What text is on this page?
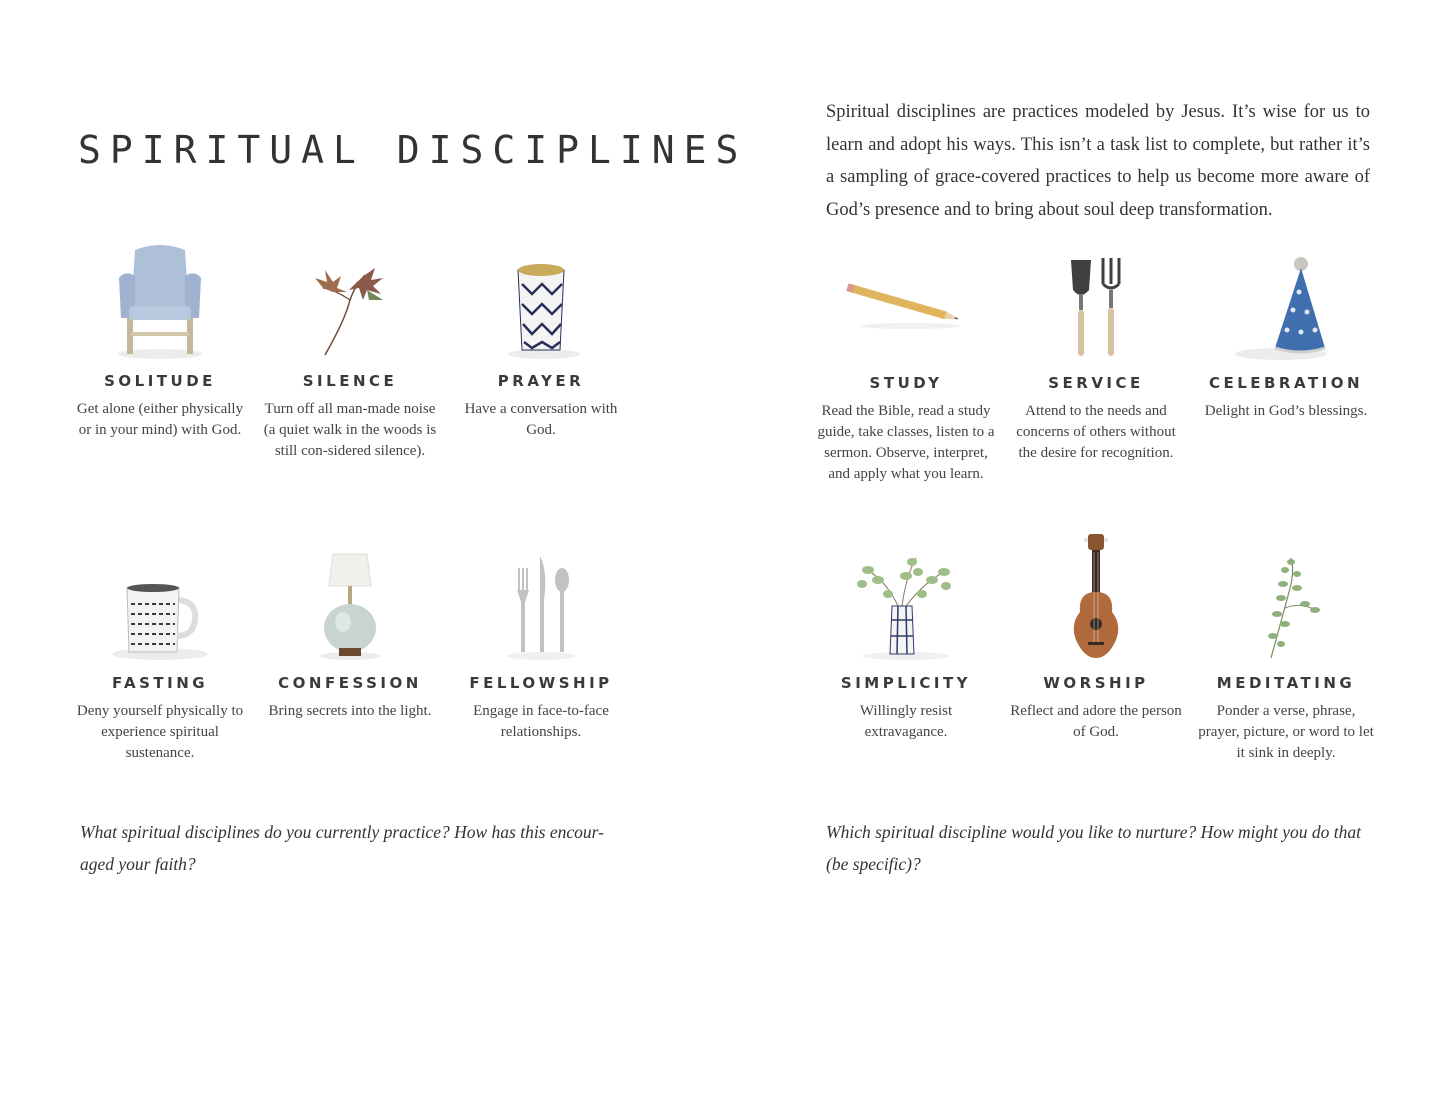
SPIRITUAL DISCIPLINES
SOLITUDE
Get alone (either physically or in your mind) with God.
SILENCE
Turn off all man-made noise (a quiet walk in the woods is still con-sidered silence).
PRAYER
Have a conversation with God.
FASTING
Deny yourself physically to experience spiritual sustenance.
CONFESSION
Bring secrets into the light.
FELLOWSHIP
Engage in face-to-face relationships.

What spiritual disciplines do you currently practice? How has this encour-aged your faith?

Spiritual disciplines are practices modeled by Jesus. It’s wise for us to learn and adopt his ways. This isn’t a task list to complete, but rather it’s a sampling of grace-covered practices to help us become more aware of God’s presence and to bring about soul deep transformation.

STUDY
Read the Bible, read a study guide, take classes, listen to a sermon. Observe, interpret, and apply what you learn.
SERVICE
Attend to the needs and concerns of others without the desire for recognition.
CELEBRATION
Delight in God’s blessings.
SIMPLICITY
Willingly resist extravagance.
WORSHIP
Reflect and adore the person of God.
MEDITATING
Ponder a verse, phrase, prayer, picture, or word to let it sink in deeply.

Which spiritual discipline would you like to nurture? How might you do that (be specific)?
